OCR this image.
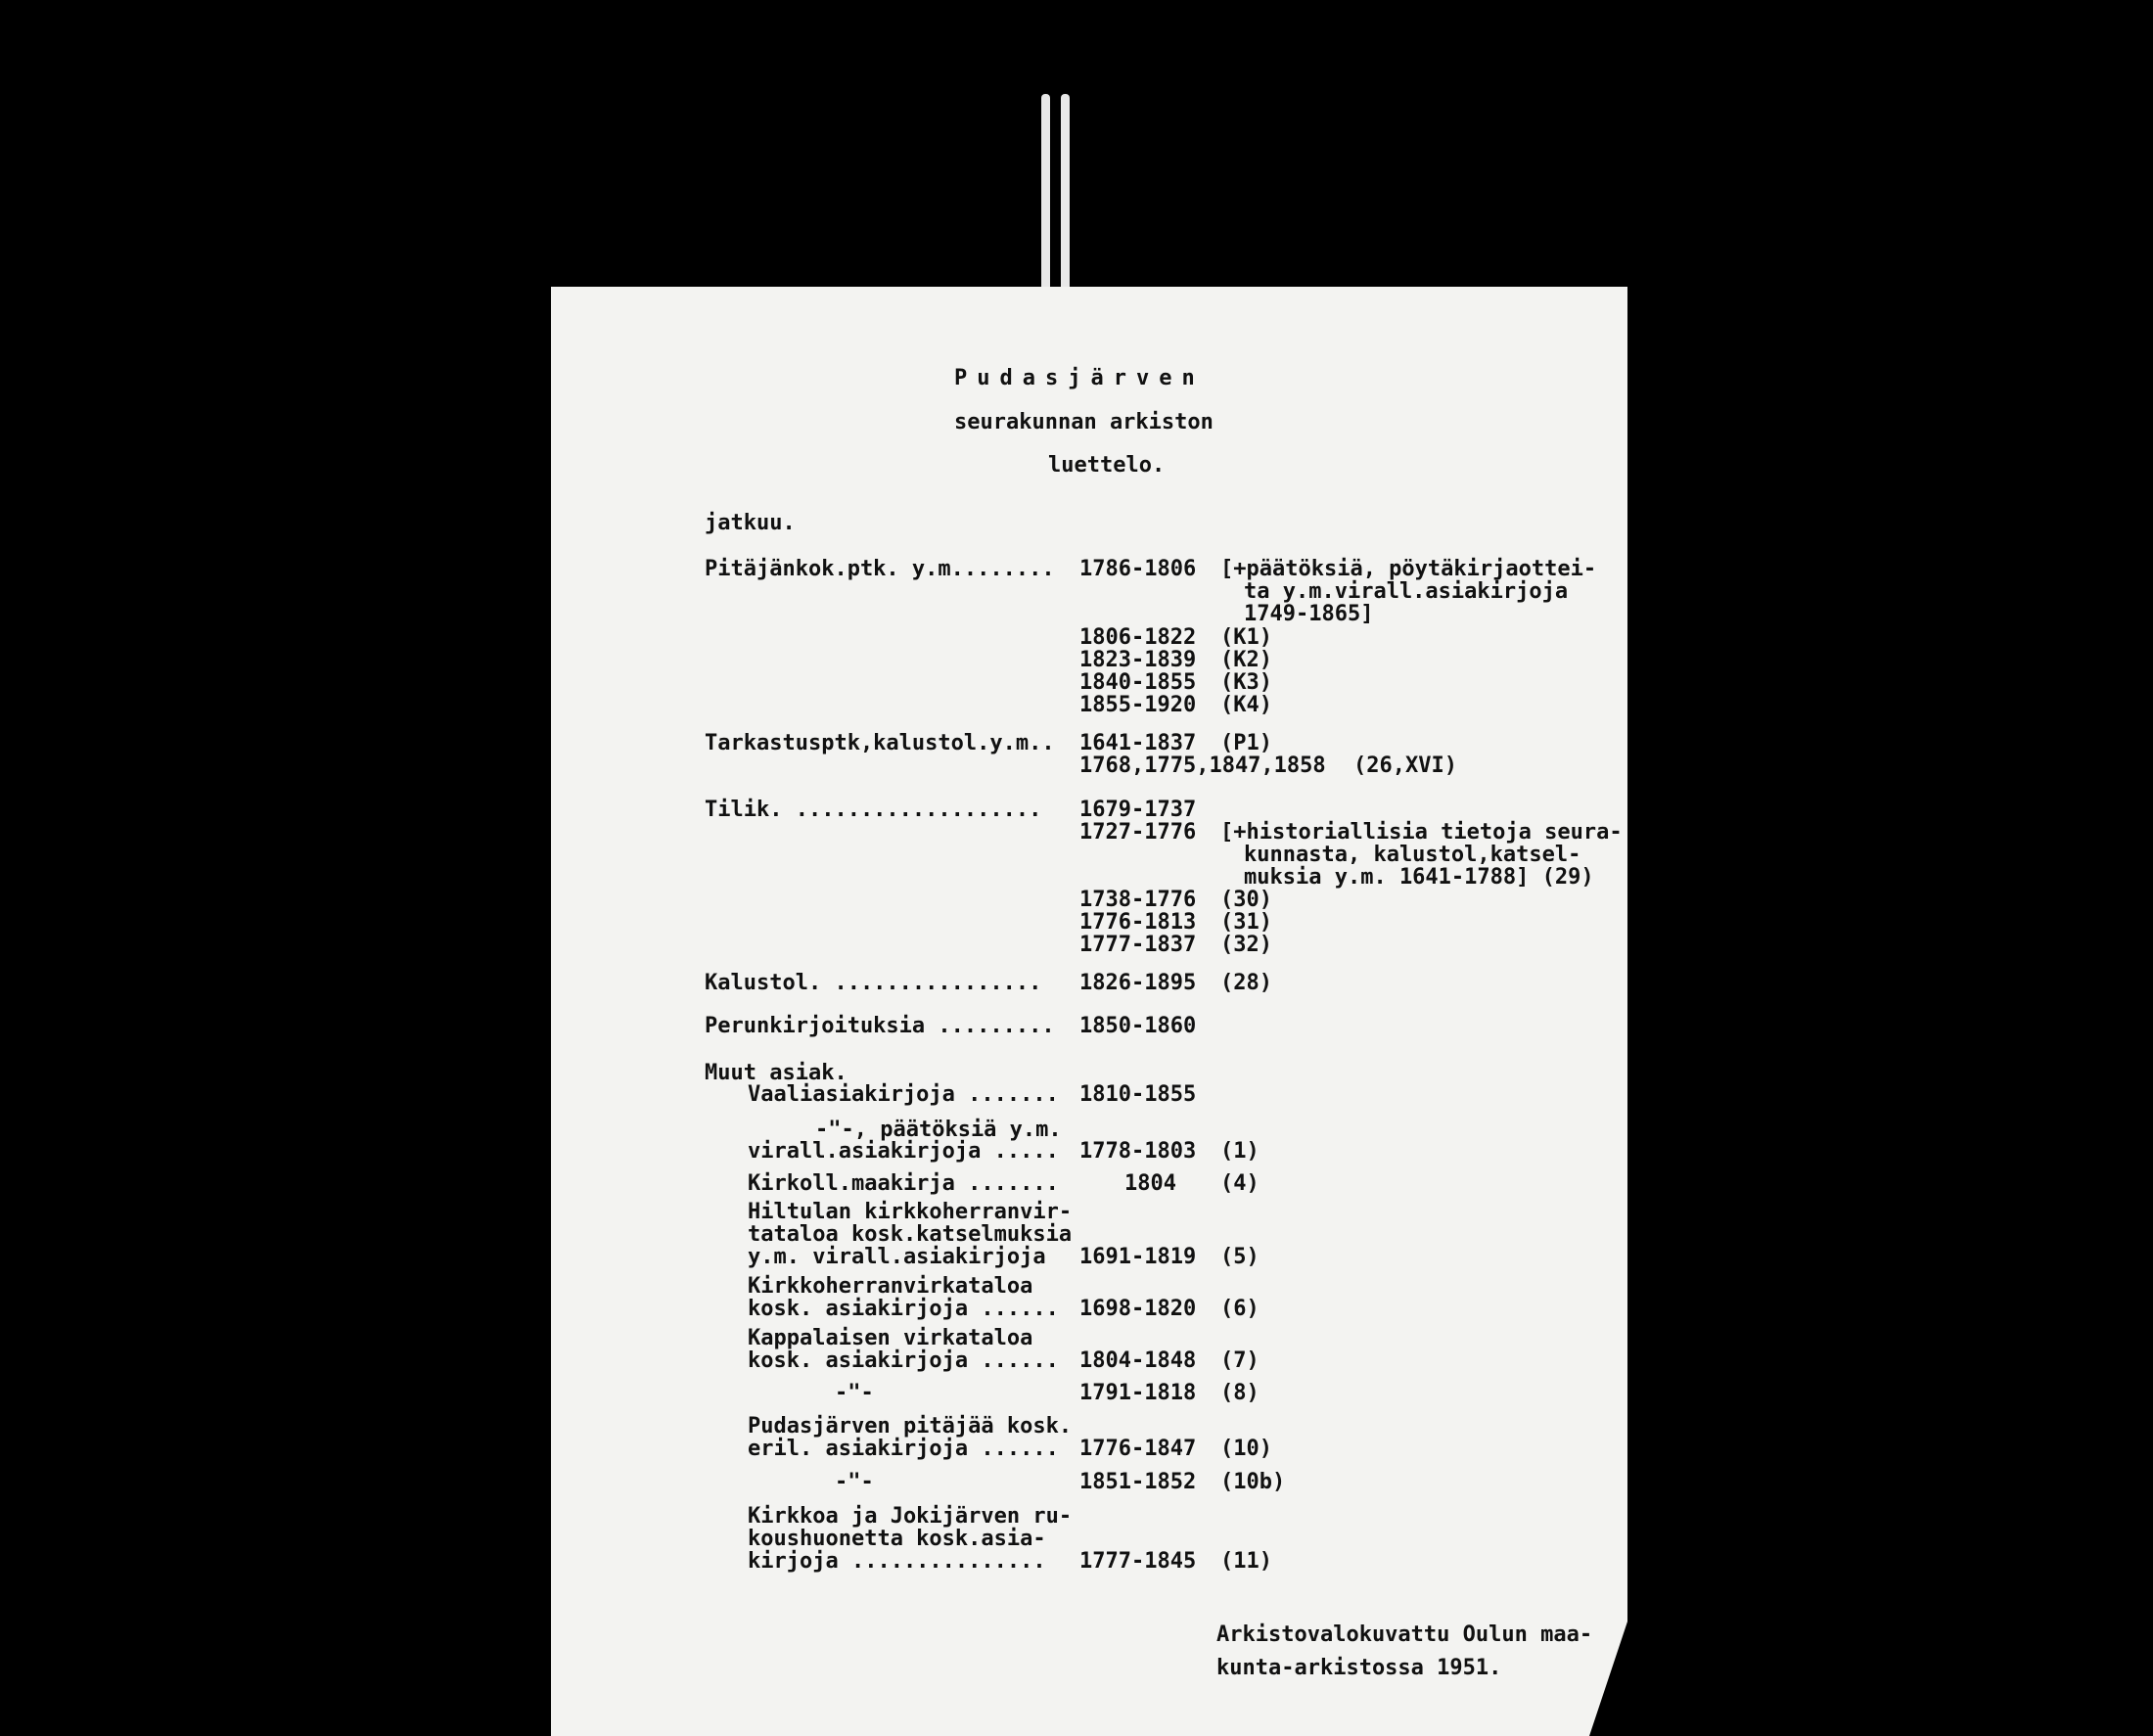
Pudasjärven
seurakunnan arkiston
luettelo.
jatkuu.
Pitäjänkok.ptk. y.m........ 1786-1806 [+päätöksiä, pöytäkirjaottei-
ta y.m.virall.asiakirjoja
1749-1865]
1806-1822 (K1)
1823-1839 (K2)
1840-1855 (K3)
1855-1920 (K4)
Tarkastusptk,kalustol.y.m.. 1641-1837 (P1)
1768,1775,1847,1858 (26,XVI)
Tilik. ................... 1679-1737
1727-1776 [+historiallisia tietoja seura-
kunnasta, kalustol,katsel-
muksia y.m. 1641-1788] (29)
1738-1776 (30)
1776-1813 (31)
1777-1837 (32)
Kalustol. ................ 1826-1895 (28)
Perunkirjoituksia ......... 1850-1860
Muut asiak.
Vaaliasiakirjoja ....... 1810-1855
-"-, päätöksiä y.m.
virall.asiakirjoja ..... 1778-1803 (1)
Kirkoll.maakirja .......	1804 (4)
Hiltulan kirkkoherranvir-
tataloa kosk.katselmuksia
y.m. virall.asiakirjoja 1691-1819 (5)
Kirkkoherranvirkataloa
kosk. asiakirjoja ...... 1698-1820 (6)
Kappalaisen virkataloa
kosk. asiakirjoja ...... 1804-1848 (7)
-"-	1791-1818 (8)
Pudasjärven pitäjää kosk.
eril. asiakirjoja ...... 1776-1847 (10)
-"-	1851-1852 (10b)
Kirkkoa ja Jokijärven ru-
koushuonetta kosk.asia-
kirjoja ............... 1777-1845 (11)
Arkistovalokuvattu Oulun maa-
kunta-arkistossa 1951.
